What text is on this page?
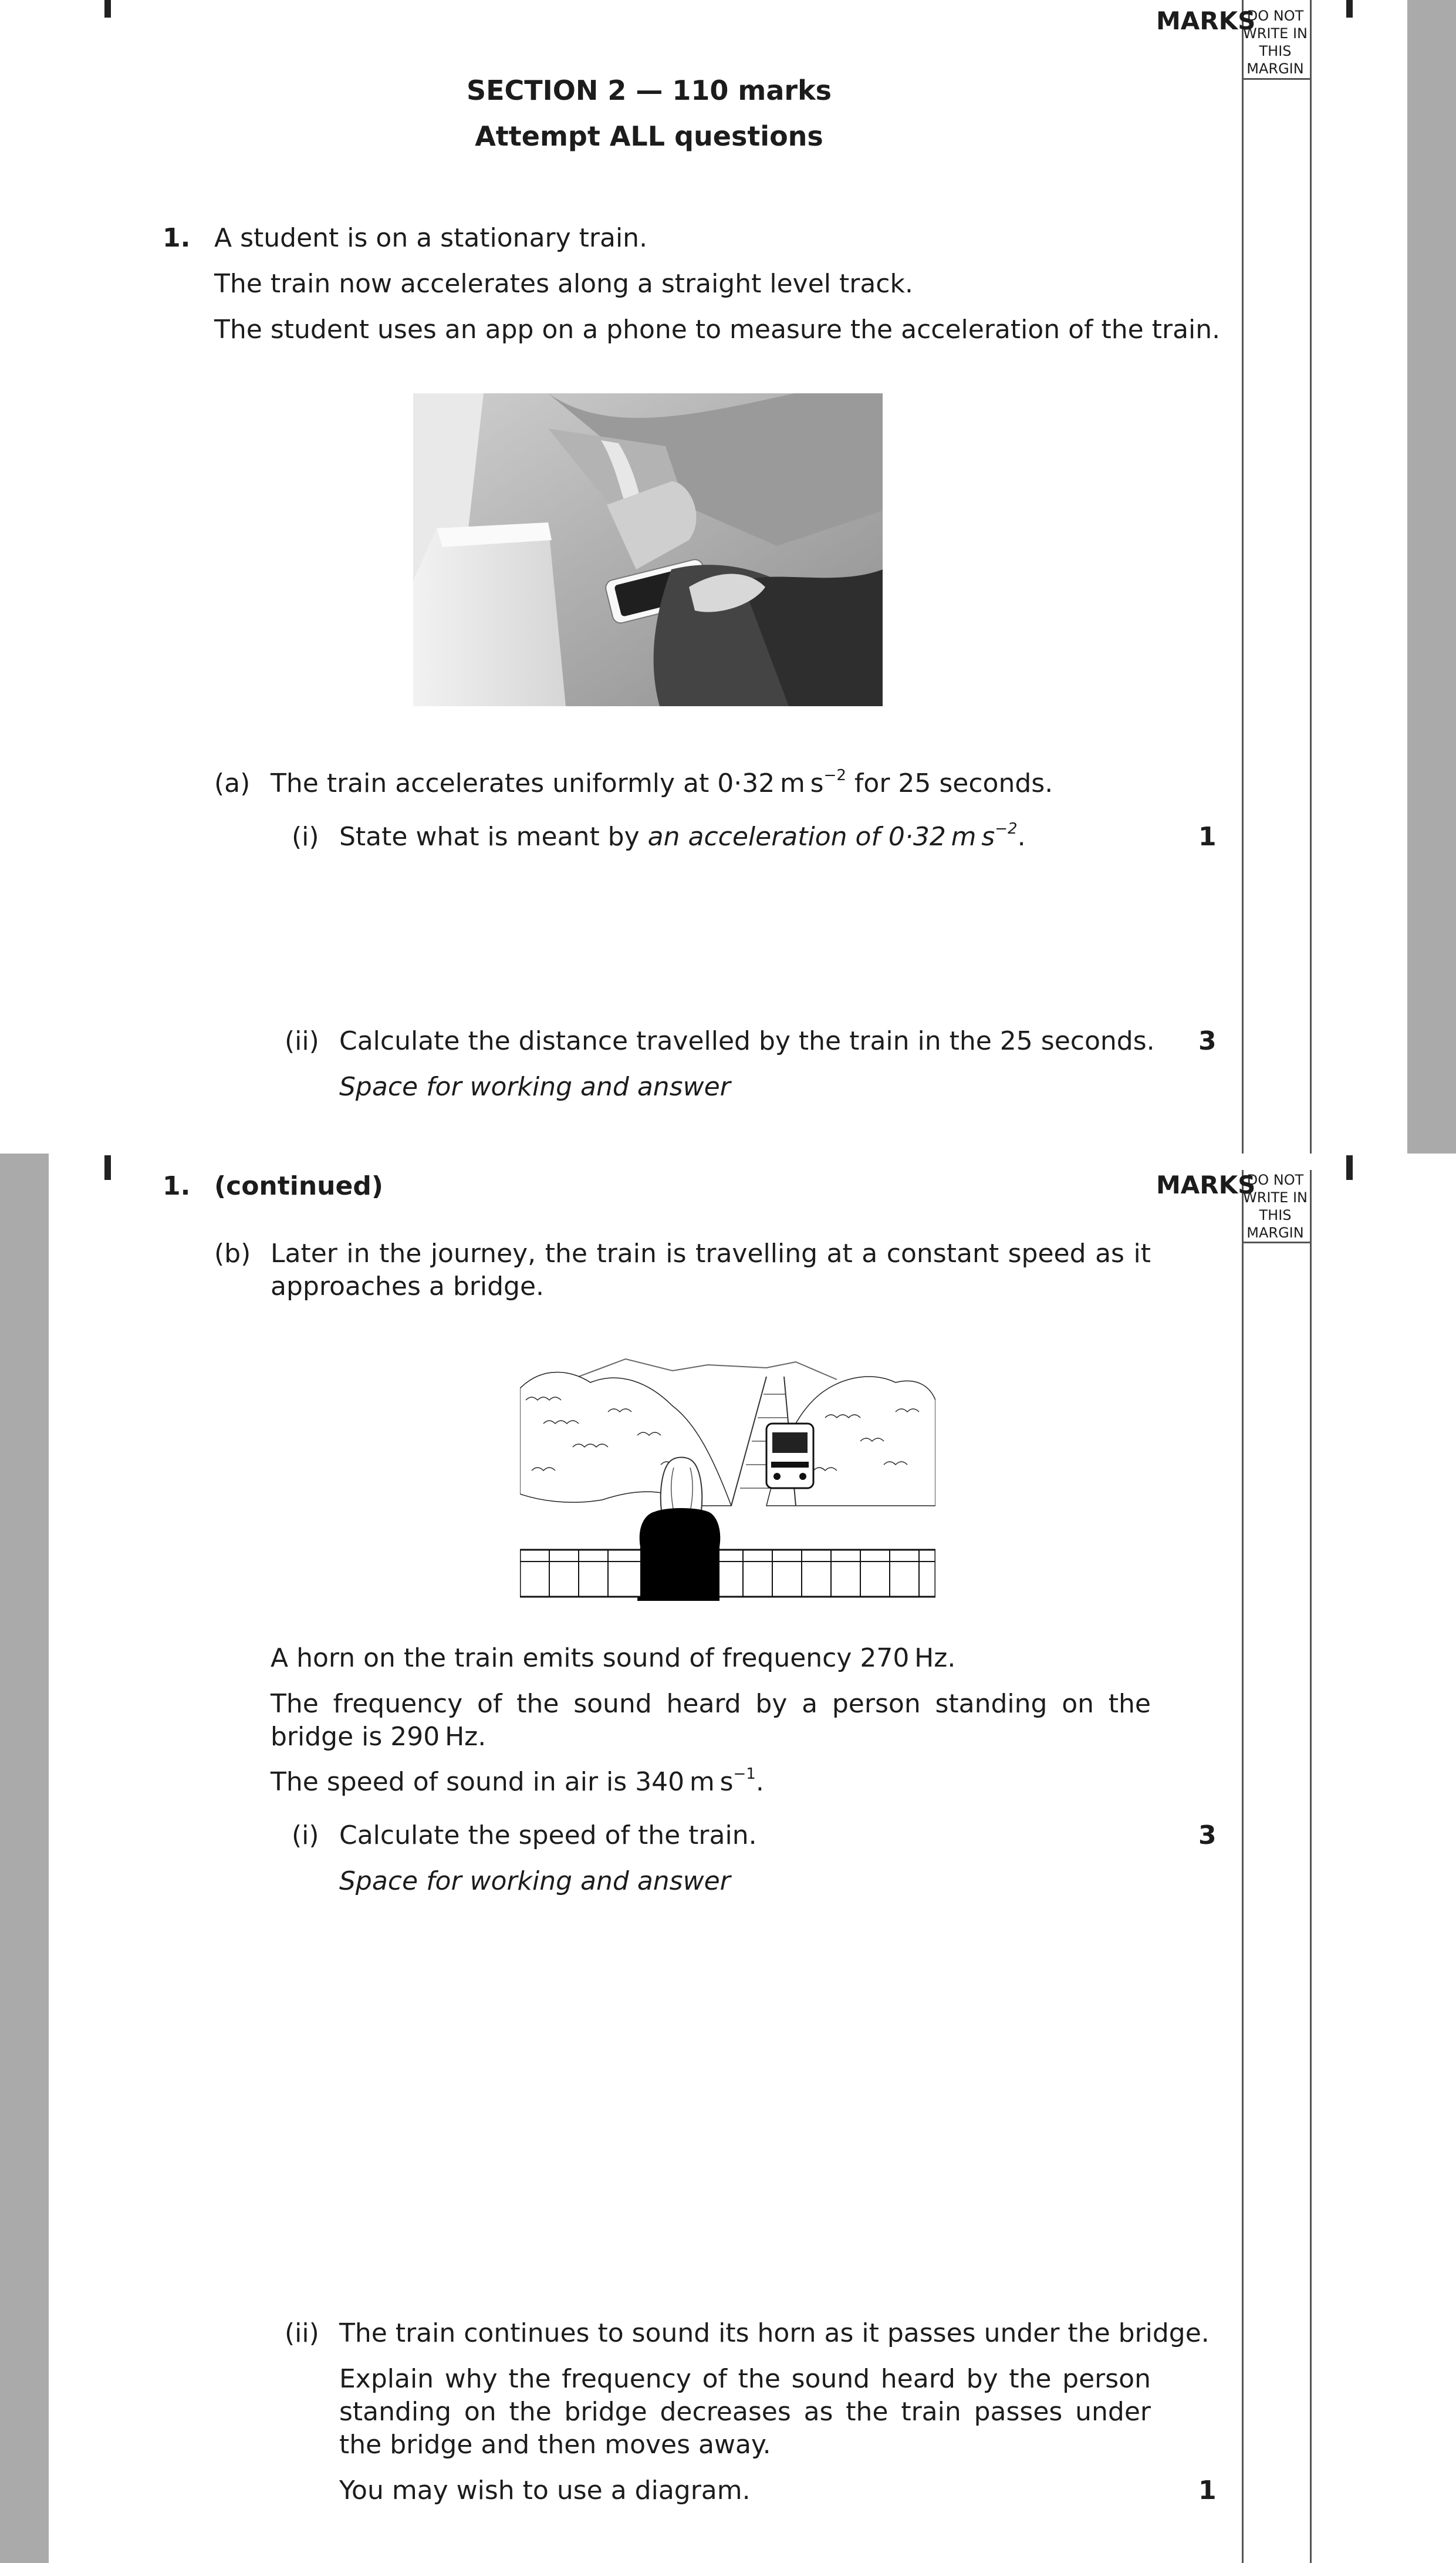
MARKS
DO NOT
WRITE IN
THIS
MARGIN
SECTION 2 — 110 marks
Attempt ALL questions
1. A student is on a stationary train.
The train now accelerates along a straight level track.
The student uses an app on a phone to measure the acceleration of the train.
(a) The train accelerates uniformly at 0·32 m $s^{-2}$ for 25 seconds.
(i) State what is meant by an acceleration of 0·32 m $s^{-2}$.	1
(ii) Calculate the distance travelled by the train in the 25 seconds. 3
Space for working and answer
MARKS
DO NOT
WRITE IN
THIS
MARGIN
1. (continued)
(b) Later in the journey, the train is travelling at a constant speed as it approaches a bridge.
A horn on the train emits sound of frequency 270 Hz.
The frequency of the sound heard by a person standing on the bridge is 290 Hz.
The speed of sound in air is 340 m $s^{-1}$.
(i) Calculate the speed of the train.	3
Space for working and answer
(ii) The train continues to sound its horn as it passes under the bridge.
Explain why the frequency of the sound heard by the person standing on the bridge decreases as the train passes under the bridge and then moves away.
You may wish to use a diagram.	1
